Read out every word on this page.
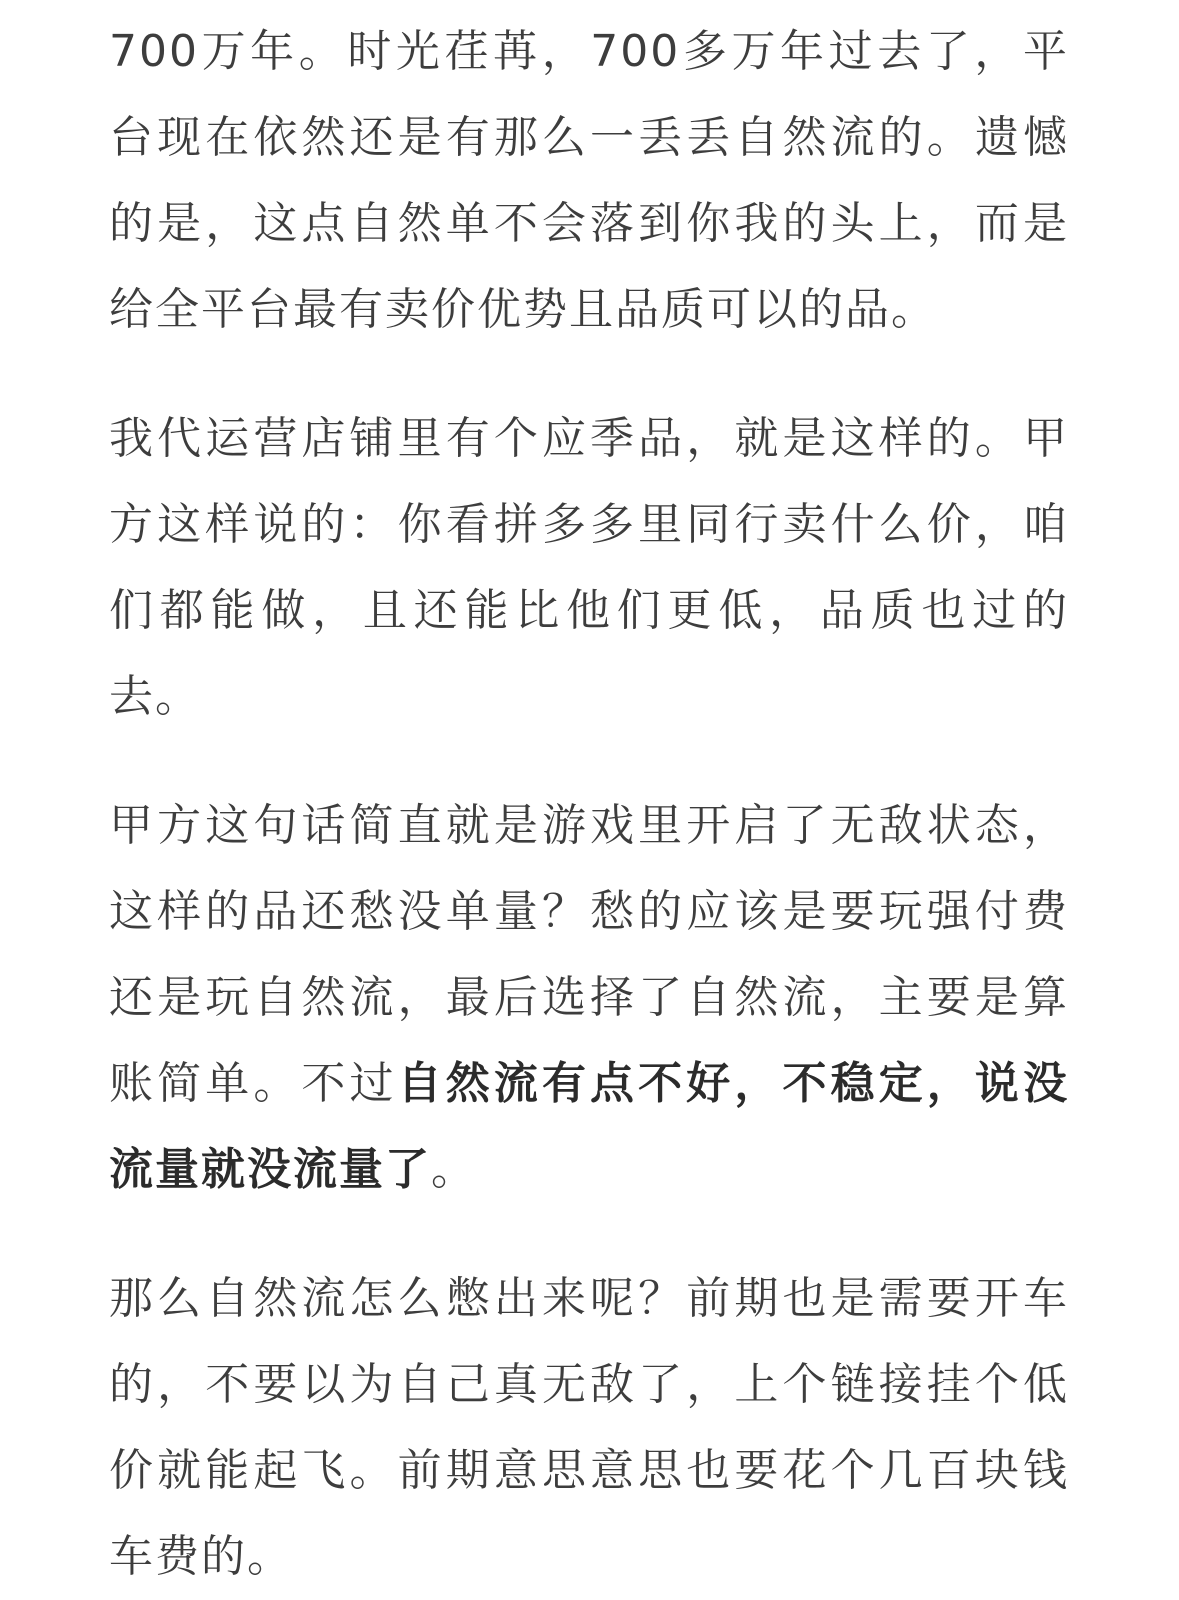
700万年。时光荏苒，700多万年过去了，平
台现在依然还是有那么一丢丢自然流的。遗憾
的是，这点自然单不会落到你我的头上，而是
给全平台最有卖价优势且品质可以的品。
我代运营店铺里有个应季品，就是这样的。甲
方这样说的：你看拼多多里同行卖什么价，咱
们都能做，且还能比他们更低，品质也过的
去。
甲方这句话简直就是游戏里开启了无敌状态，
这样的品还愁没单量？愁的应该是要玩强付费
还是玩自然流，最后选择了自然流，主要是算
账简单。不过自然流有点不好，不稳定，说没
流量就没流量了。
那么自然流怎么憋出来呢？前期也是需要开车
的，不要以为自己真无敌了，上个链接挂个低
价就能起飞。前期意思意思也要花个几百块钱
车费的。
